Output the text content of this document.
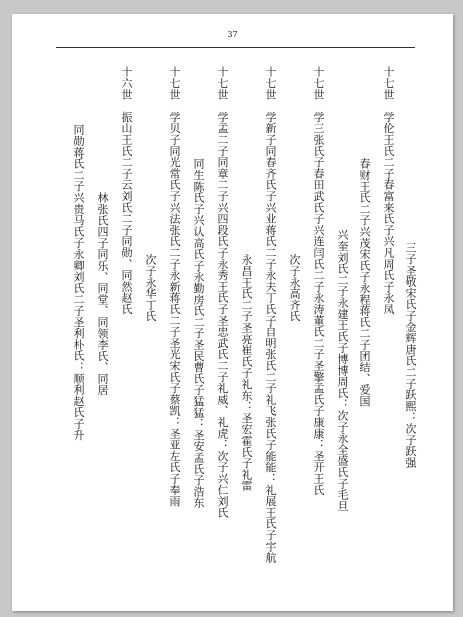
37
十七世　学伦王氏二子春富来氏子兴凡周氏子永凤
三子圣敬宋氏子金辉唐氏二子跃熙：次子跃强
春财王氏二子兴茂宋氏子永程蒋氏二子团结、爱国
兴奎刘氏二子永建王氏子博博周氏：次子永全盛氏子毛旦
十七世　学三张氏子春田武氏子兴连闫氏二子永涛董氏二子圣擎孟氏子康康：圣开王氏
次子永高齐氏
十七世　学新子同春齐氏子兴业蒋氏二子永夫丁氏子自明张氏二子礼飞张氏子能能：礼展王氏子宇航
永昌王氏二子圣亮崔氏子礼东：圣宏霍氏子礼雷
十七世　学孟二子同章二子兴四段氏子永秀王氏子圣忠武氏二子礼威、礼虎：次子兴仁刘氏
同生陈氏子兴认高氏子永勤房氏二子圣民曹氏子猛猛：圣安孟氏子浩东
十七世　学贝子同光常氏子兴法张氏二子永新蒋氏二子圣光宋氏子蔡凯：圣亚左氏子奉雨
次子永华丁氏
十六世　振山王氏二子云刘氏二子同勋、同然赵氏
林张氏四子同乐、同堂、同领李氏、同居
同勋蒋氏二子兴贵马氏子永卿刘氏二子圣利朴氏：顺利赵氏子升
